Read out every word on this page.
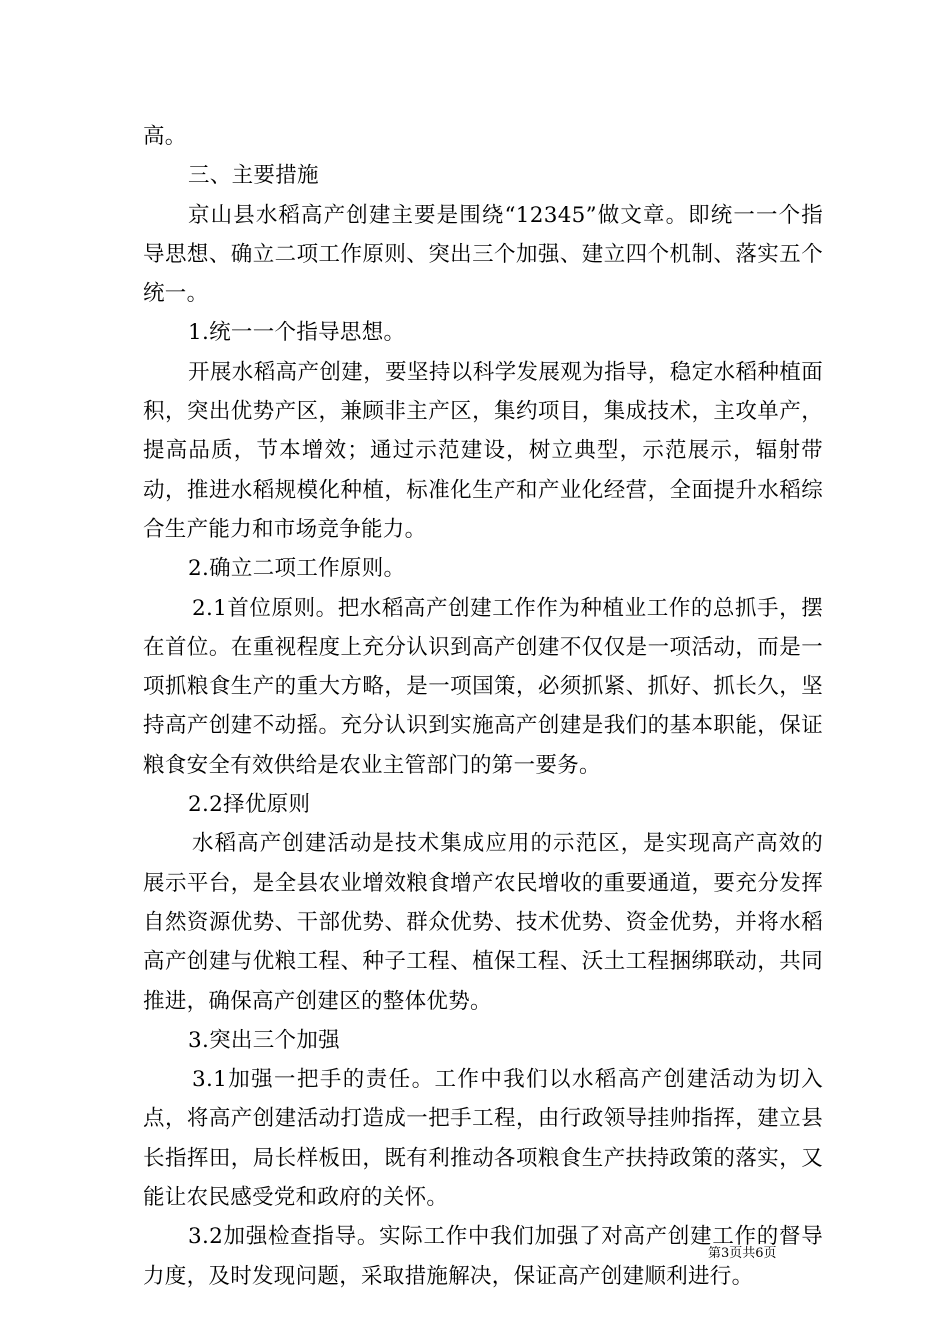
高。

三、主要措施

京山县水稻高产创建主要是围绕“12345”做文章。即统一一个指导思想、确立二项工作原则、突出三个加强、建立四个机制、落实五个统一。

1.统一一个指导思想。

开展水稻高产创建，要坚持以科学发展观为指导，稳定水稻种植面积，突出优势产区，兼顾非主产区，集约项目，集成技术，主攻单产，提高品质，节本增效；通过示范建设，树立典型，示范展示，辐射带动，推进水稻规模化种植，标准化生产和产业化经营，全面提升水稻综合生产能力和市场竞争能力。

2.确立二项工作原则。

2.1首位原则。把水稻高产创建工作作为种植业工作的总抓手，摆在首位。在重视程度上充分认识到高产创建不仅仅是一项活动，而是一项抓粮食生产的重大方略，是一项国策，必须抓紧、抓好、抓长久，坚持高产创建不动摇。充分认识到实施高产创建是我们的基本职能，保证粮食安全有效供给是农业主管部门的第一要务。

2.2择优原则

水稻高产创建活动是技术集成应用的示范区，是实现高产高效的展示平台，是全县农业增效粮食增产农民增收的重要通道，要充分发挥自然资源优势、干部优势、群众优势、技术优势、资金优势，并将水稻高产创建与优粮工程、种子工程、植保工程、沃土工程捆绑联动，共同推进，确保高产创建区的整体优势。

3.突出三个加强

3.1加强一把手的责任。工作中我们以水稻高产创建活动为切入点，将高产创建活动打造成一把手工程，由行政领导挂帅指挥，建立县长指挥田，局长样板田，既有利推动各项粮食生产扶持政策的落实，又能让农民感受党和政府的关怀。

3.2加强检查指导。实际工作中我们加强了对高产创建工作的督导力度，及时发现问题，采取措施解决，保证高产创建顺利进行。

第3页共6页
